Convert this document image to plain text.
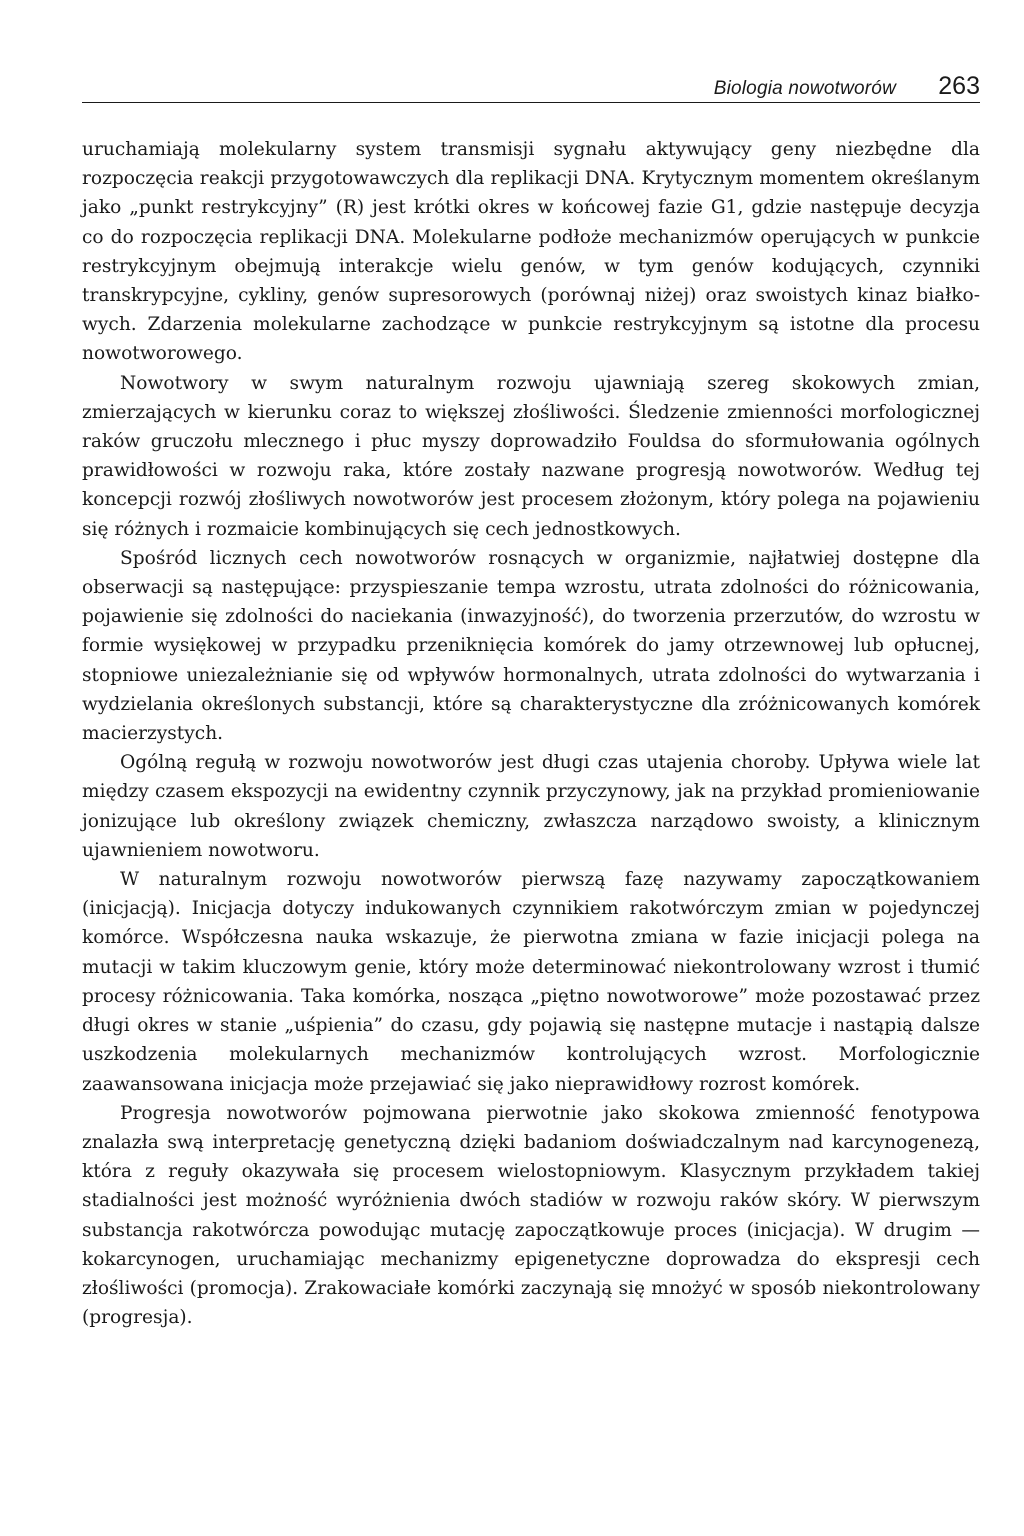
Biologia nowotworów 263

uruchamiają molekularny system transmisji sygnału aktywujący geny niezbędne dla rozpoczęcia reakcji przygotowawczych dla replikacji DNA. Krytycznym momentem określanym jako „punkt restrykcyjny” (R) jest krótki okres w końcowej fazie G1, gdzie następuje decyzja co do rozpoczęcia replikacji DNA. Molekularne podłoże mechanizmów operujących w punkcie restrykcyjnym obejmują interakcje wielu genów, w tym genów kodujących, czynniki transkrypcyjne, cykliny, genów supresorowych (porównaj niżej) oraz swoistych kinaz białkowych. Zdarzenia molekularne zachodzące w punkcie restrykcyjnym są istotne dla procesu nowotworowego.

Nowotwory w swym naturalnym rozwoju ujawniają szereg skokowych zmian, zmierzających w kierunku coraz to większej złośliwości. Śledzenie zmienności morfologicznej raków gruczołu mlecznego i płuc myszy doprowadziło Fouldsa do sformułowania ogólnych prawidłowości w rozwoju raka, które zostały nazwane progresją nowotworów. Według tej koncepcji rozwój złośliwych nowotworów jest procesem złożonym, który polega na pojawieniu się różnych i rozmaicie kombinujących się cech jednostkowych.

Spośród licznych cech nowotworów rosnących w organizmie, najłatwiej dostępne dla obserwacji są następujące: przyspieszanie tempa wzrostu, utrata zdolności do różnicowania, pojawienie się zdolności do naciekania (inwazyjność), do tworzenia przerzutów, do wzrostu w formie wysiękowej w przypadku przeniknięcia komórek do jamy otrzewnowej lub opłucnej, stopniowe uniezależnianie się od wpływów hormonalnych, utrata zdolności do wytwarzania i wydzielania określonych substancji, które są charakterystyczne dla zróżnicowanych komórek macierzystych.

Ogólną regułą w rozwoju nowotworów jest długi czas utajenia choroby. Upływa wiele lat między czasem ekspozycji na ewidentny czynnik przyczynowy, jak na przykład promieniowanie jonizujące lub określony związek chemiczny, zwłaszcza narządowo swoisty, a klinicznym ujawnieniem nowotworu.

W naturalnym rozwoju nowotworów pierwszą fazę nazywamy zapoczątkowaniem (inicjacją). Inicjacja dotyczy indukowanych czynnikiem rakotwórczym zmian w pojedynczej komórce. Współczesna nauka wskazuje, że pierwotna zmiana w fazie inicjacji polega na mutacji w takim kluczowym genie, który może determinować niekontrolowany wzrost i tłumić procesy różnicowania. Taka komórka, nosząca „piętno nowotworowe” może pozostawać przez długi okres w stanie „uśpienia” do czasu, gdy pojawią się następne mutacje i nastąpią dalsze uszkodzenia molekularnych mechanizmów kontrolujących wzrost. Morfologicznie zaawansowana inicjacja może przejawiać się jako nieprawidłowy rozrost komórek.

Progresja nowotworów pojmowana pierwotnie jako skokowa zmienność fenotypowa znalazła swą interpretację genetyczną dzięki badaniom doświadczalnym nad karcynogenezą, która z reguły okazywała się procesem wielostopniowym. Klasycznym przykładem takiej stadialności jest możność wyróżnienia dwóch stadiów w rozwoju raków skóry. W pierwszym substancja rakotwórcza powodując mutację zapoczątkowuje proces (inicjacja). W drugim — kokarcynogen, uruchamiając mechanizmy epigenetyczne doprowadza do ekspresji cech złośliwości (promocja). Zrakowaciałe komórki zaczynają się mnożyć w sposób niekontrolowany (progresja).
